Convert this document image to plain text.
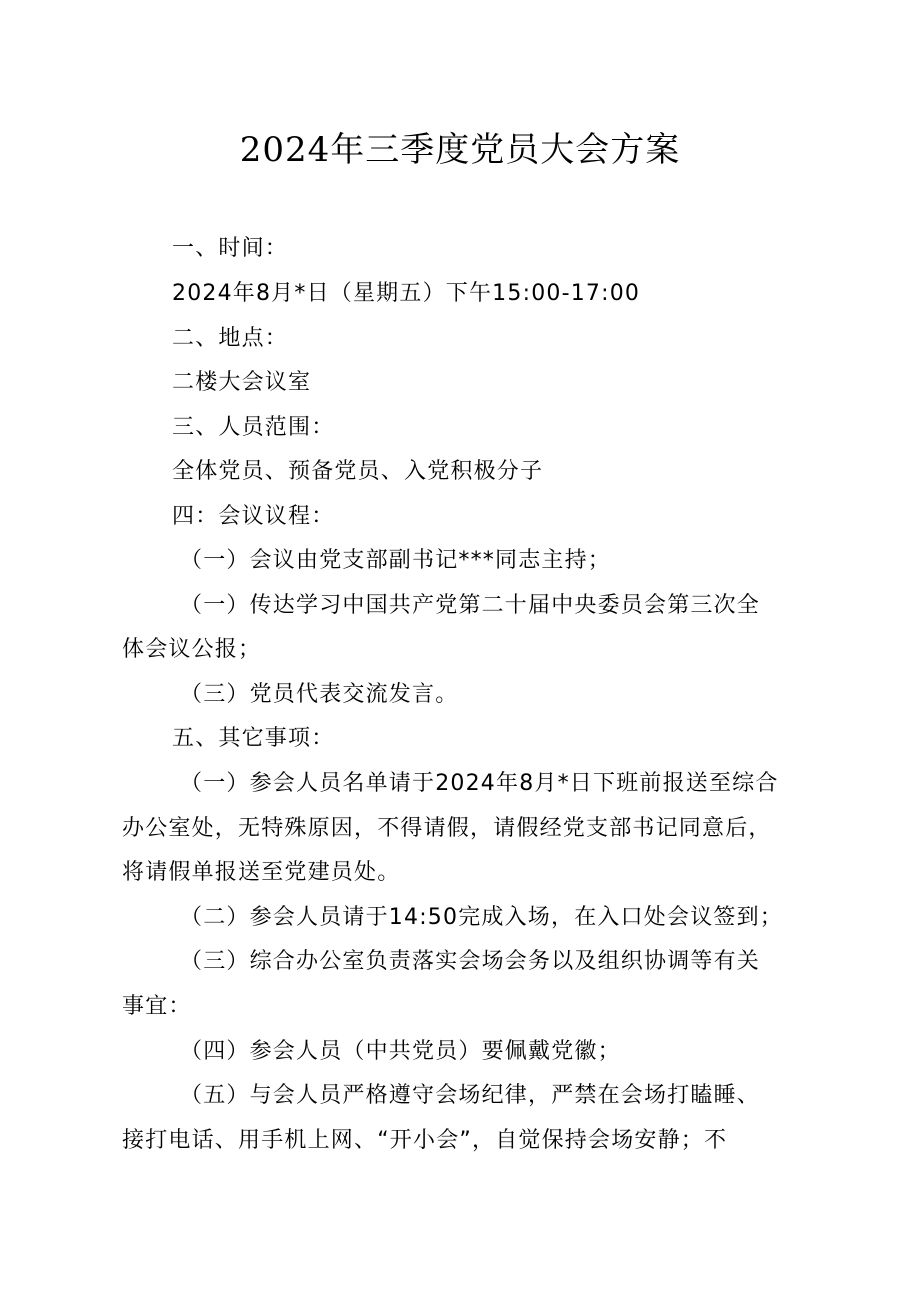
2024年三季度党员大会方案
一、时间：
2024年8月*日（星期五）下午15:00-17:00
二、地点：
二楼大会议室
三、人员范围：
全体党员、预备党员、入党积极分子
四：会议议程：
（一）会议由党支部副书记***同志主持；
（一）传达学习中国共产党第二十届中央委员会第三次全
体会议公报；
（三）党员代表交流发言。
五、其它事项：
（一）参会人员名单请于2024年8月*日下班前报送至综合
办公室处，无特殊原因，不得请假，请假经党支部书记同意后，
将请假单报送至党建员处。
（二）参会人员请于14:50完成入场，在入口处会议签到；
（三）综合办公室负责落实会场会务以及组织协调等有关
事宜：
（四）参会人员（中共党员）要佩戴党徽；
（五）与会人员严格遵守会场纪律，严禁在会场打瞌睡、
接打电话、用手机上网、“开小会”，自觉保持会场安静；不
